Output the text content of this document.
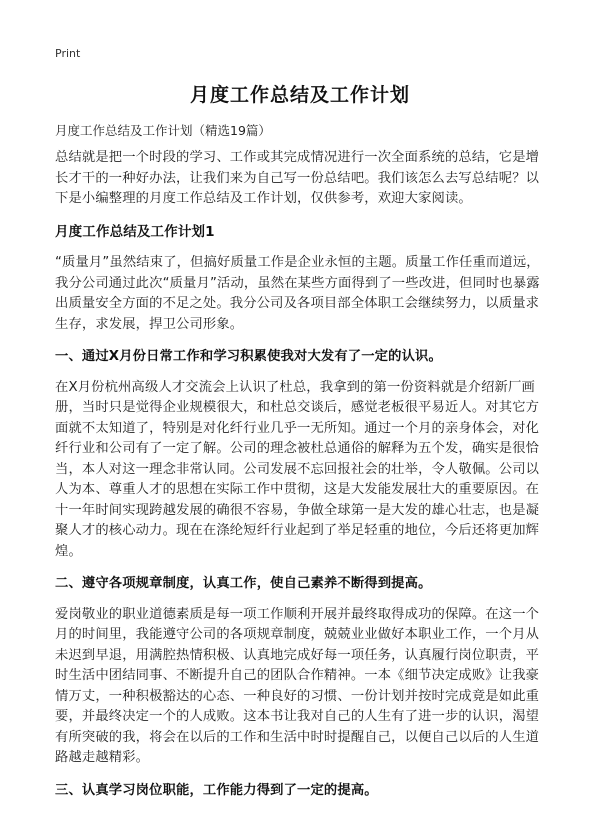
Print
月度工作总结及工作计划
月度工作总结及工作计划（精选19篇）

总结就是把一个时段的学习、工作或其完成情况进行一次全面系统的总结，它是增长才干的一种好办法，让我们来为自己写一份总结吧。我们该怎么去写总结呢？以下是小编整理的月度工作总结及工作计划，仅供参考，欢迎大家阅读。

月度工作总结及工作计划1

“质量月”虽然结束了，但搞好质量工作是企业永恒的主题。质量工作任重而道远，我分公司通过此次“质量月”活动，虽然在某些方面得到了一些改进，但同时也暴露出质量安全方面的不足之处。我分公司及各项目部全体职工会继续努力，以质量求生存，求发展，捍卫公司形象。

一、通过X月份日常工作和学习积累使我对大发有了一定的认识。

在X月份杭州高级人才交流会上认识了杜总，我拿到的第一份资料就是介绍新厂画册，当时只是觉得企业规模很大，和杜总交谈后，感觉老板很平易近人。对其它方面就不太知道了，特别是对化纤行业几乎一无所知。通过一个月的亲身体会，对化纤行业和公司有了一定了解。公司的理念被杜总通俗的解释为五个发，确实是很恰当，本人对这一理念非常认同。公司发展不忘回报社会的壮举，令人敬佩。公司以人为本、尊重人才的思想在实际工作中贯彻，这是大发能发展壮大的重要原因。在十一年时间实现跨越发展的确很不容易，争做全球第一是大发的雄心壮志，也是凝聚人才的核心动力。现在在涤纶短纤行业起到了举足轻重的地位，今后还将更加辉煌。

二、遵守各项规章制度，认真工作，使自己素养不断得到提高。

爱岗敬业的职业道德素质是每一项工作顺利开展并最终取得成功的保障。在这一个月的时间里，我能遵守公司的各项规章制度，兢兢业业做好本职业工作，一个月从未迟到早退，用满腔热情积极、认真地完成好每一项任务，认真履行岗位职责，平时生活中团结同事、不断提升自己的团队合作精神。一本《细节决定成败》让我豪情万丈，一种积极豁达的心态、一种良好的习惯、一份计划并按时完成竟是如此重要，并最终决定一个的人成败。这本书让我对自己的人生有了进一步的认识，渴望有所突破的我，将会在以后的工作和生活中时时提醒自己，以便自己以后的人生道路越走越精彩。

三、认真学习岗位职能，工作能力得到了一定的提高。
